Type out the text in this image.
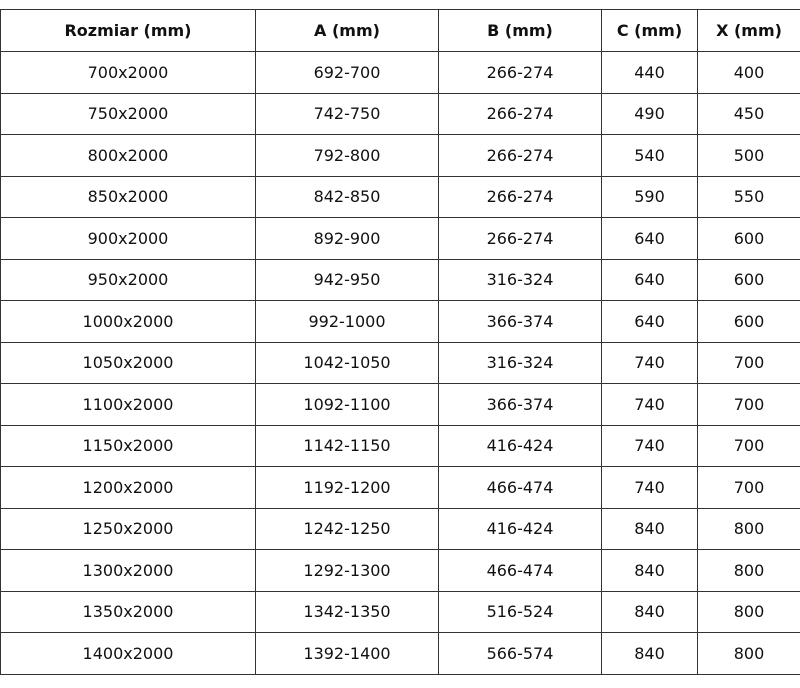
Rozmiar (mm)	A (mm)	B (mm)	C (mm)	X (mm)
700x2000	692-700	266-274	440	400
750x2000	742-750	266-274	490	450
800x2000	792-800	266-274	540	500
850x2000	842-850	266-274	590	550
900x2000	892-900	266-274	640	600
950x2000	942-950	316-324	640	600
1000x2000	992-1000	366-374	640	600
1050x2000	1042-1050	316-324	740	700
1100x2000	1092-1100	366-374	740	700
1150x2000	1142-1150	416-424	740	700
1200x2000	1192-1200	466-474	740	700
1250x2000	1242-1250	416-424	840	800
1300x2000	1292-1300	466-474	840	800
1350x2000	1342-1350	516-524	840	800
1400x2000	1392-1400	566-574	840	800
